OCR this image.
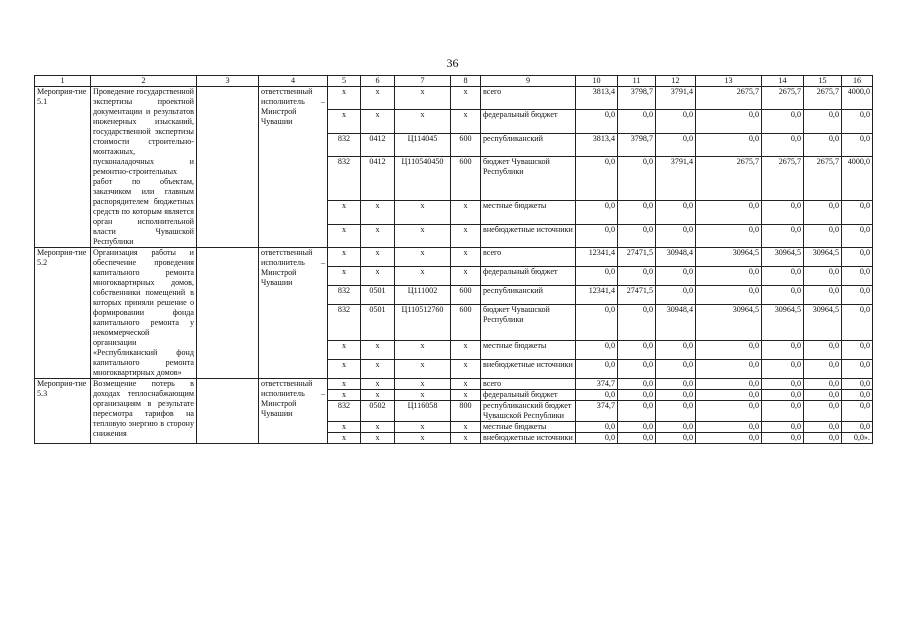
36
1	2	3	4	5	6	7	8	9	10	11	12	13	14	15	16
Мероприя-тие 5.1	Проведение государственной экспертизы проектной документации и результатов инженерных изысканий, государственной экспертизы стоимости строительно-монтажных, пусконаладочных и ремонтно-строительных работ по объектам, заказчиком или главным распорядителем бюджетных средств по которым является орган исполнительной власти Чувашской Республики		ответственный исполнитель – Минстрой Чувашии	x	x	x	x	всего	3813,4	3798,7	3791,4	2675,7	2675,7	2675,7	4000,0
				x	x	x	x	федеральный бюджет	0,0	0,0	0,0	0,0	0,0	0,0	0,0
				832	0412	Ц114045	600	республиканский	3813,4	3798,7	0,0	0,0	0,0	0,0	0,0
				832	0412	Ц110540450	600	бюджет Чувашской Республики	0,0	0,0	3791,4	2675,7	2675,7	2675,7	4000,0
				x	x	x	x	местные бюджеты	0,0	0,0	0,0	0,0	0,0	0,0	0,0
				x	x	x	x	внебюджетные источники	0,0	0,0	0,0	0,0	0,0	0,0	0,0
Мероприя-тие 5.2	Организация работы и обеспечение проведения капитального ремонта многоквартирных домов, собственники помещений в которых приняли решение о формировании фонда капитального ремонта у некоммерческой организации «Республиканский фонд капитального ремонта многоквартирных домов»		ответственный исполнитель – Минстрой Чувашии	x	x	x	x	всего	12341,4	27471,5	30948,4	30964,5	30964,5	30964,5	0,0
				x	x	x	x	федеральный бюджет	0,0	0,0	0,0	0,0	0,0	0,0	0,0
				832	0501	Ц111002	600	республиканский	12341,4	27471,5	0,0	0,0	0,0	0,0	0,0
				832	0501	Ц110512760	600	бюджет Чувашской Республики	0,0	0,0	30948,4	30964,5	30964,5	30964,5	0,0
				x	x	x	x	местные бюджеты	0,0	0,0	0,0	0,0	0,0	0,0	0,0
				x	x	x	x	внебюджетные источники	0,0	0,0	0,0	0,0	0,0	0,0	0,0
Мероприя-тие 5.3	Возмещение потерь в доходах теплоснабжающим организациям в результате пересмотра тарифов на тепловую энергию в сторону снижения		ответственный исполнитель – Минстрой Чувашии	x	x	x	x	всего	374,7	0,0	0,0	0,0	0,0	0,0	0,0
				x	x	x	x	федеральный бюджет	0,0	0,0	0,0	0,0	0,0	0,0	0,0
				832	0502	Ц116058	800	республиканский бюджет Чувашской Республики	374,7	0,0	0,0	0,0	0,0	0,0	0,0
				x	x	x	x	местные бюджеты	0,0	0,0	0,0	0,0	0,0	0,0	0,0
				x	x	x	x	внебюджетные источники	0,0	0,0	0,0	0,0	0,0	0,0	0,0».
